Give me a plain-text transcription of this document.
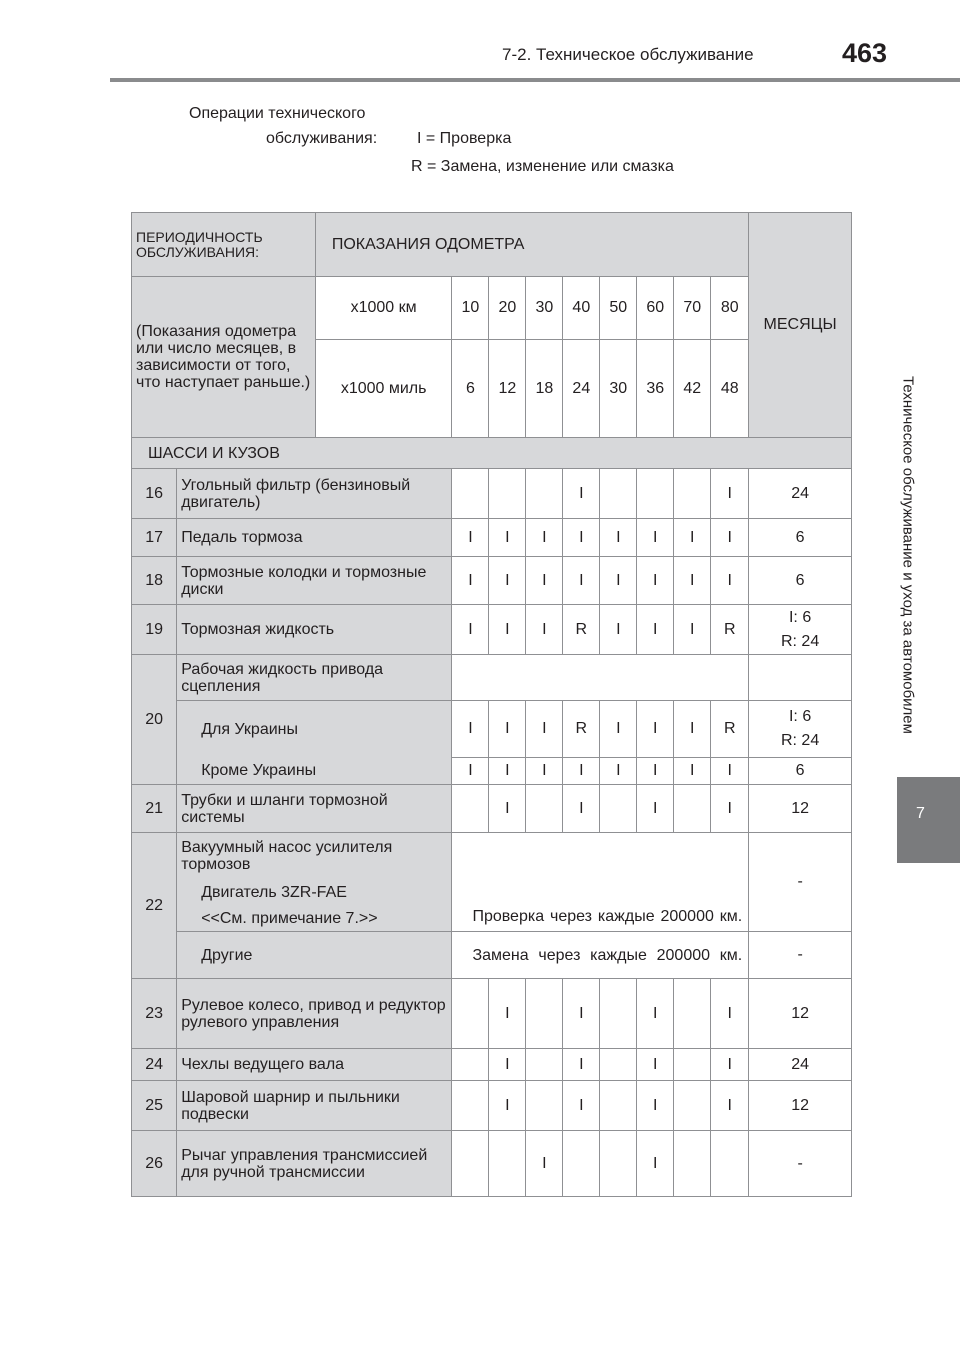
7-2. Техническое обслуживание	463
Техническое обслуживание и уход за автомобилем
7
Операции технического
обслуживания: I = Проверка
R = Замена, изменение или смазка
ПЕРИОДИЧНОСТЬ ОБСЛУЖИВАНИЯ:		ПОКАЗАНИЯ ОДОМЕТРА									МЕСЯЦЫ
(Показания одометра или число месяцев, в зависимости от того, что наступает раньше.)		x1000 км	10	20	30	40	50	60	70	80	
		x1000 миль	6	12	18	24	30	36	42	48	
ШАССИ И КУЗОВ											
16	Угольный фильтр (бензиновый двигатель)					I				I	24
17	Педаль тормоза		I	I	I	I	I	I	I	I	6
18	Тормозные колодки и тормозные диски		I	I	I	I	I	I	I	I	6
19	Тормозная жидкость		I	I	I	R	I	I	I	R	I: 6
R: 24

20	Рабочая жидкость привода сцепления										
	Для Украины		I	I	I	R	I	I	I	R	I: 6
R: 24

	Кроме Украины		I	I	I	I	I	I	I	I	6
21	Трубки и шланги тормозной системы			I		I		I		I	12
22	Вакуумный насос усилителя тормозов		Проверка через каждые 200000 км.								-
	Двигатель 3ZR-FAE										
	<<См. примечание 7.>>										
	Другие		Замена через каждые 200000 км.								-
23	Рулевое колесо, привод и редуктор рулевого управления			I		I		I		I	12
24	Чехлы ведущего вала			I		I		I		I	24
25	Шаровой шарнир и пыльники подвески			I		I		I		I	12
26	Рычаг управления трансмиссией для ручной трансмиссии				I			I			-
